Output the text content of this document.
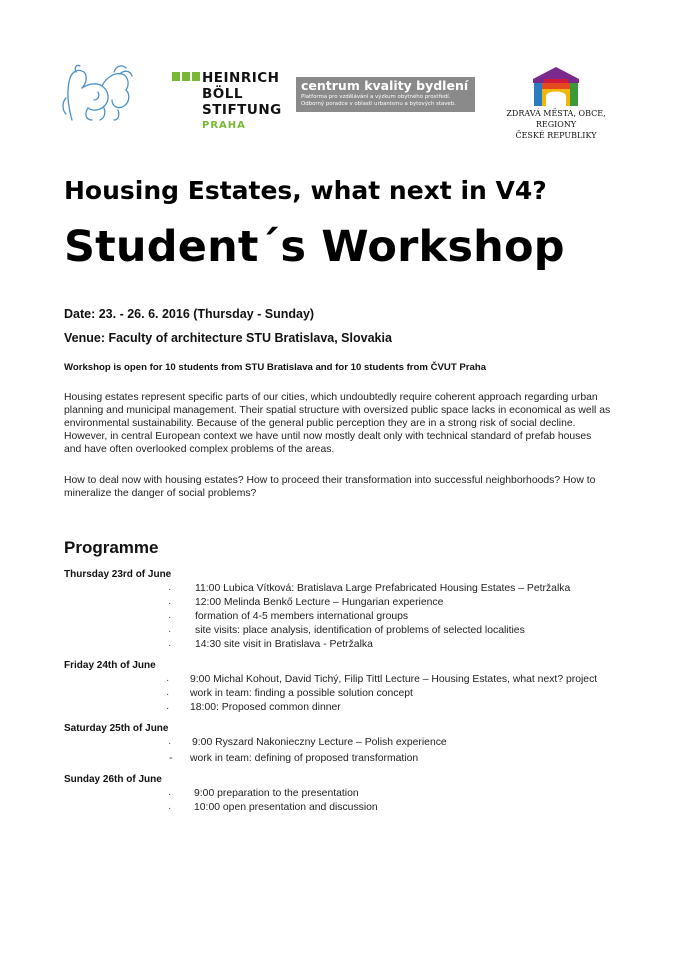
HEINRICH
BÖLL
STIFTUNG
PRAHA
centrum kvality bydlení
Platforma pro vzdělávání a výzkum obytného prostředí.
Odborný poradce v oblasti urbanismu a bytových staveb.
ZDRAVÁ MĚSTA, OBCE, REGIONY
ČESKÉ REPUBLIKY
Housing Estates, what next in V4?
Student´s Workshop
Date: 23. - 26. 6. 2016 (Thursday - Sunday)
Venue: Faculty of architecture STU Bratislava, Slovakia
Workshop is open for 10 students from STU Bratislava and for 10 students from ČVUT Praha
Housing estates represent specific parts of our cities, which undoubtedly require coherent approach regarding urban
planning and municipal management. Their spatial structure with oversized public space lacks in economical as well as
environmental sustainability. Because of the general public perception they are in a strong risk of social decline.
However, in central European context we have until now mostly dealt only with technical standard of prefab houses
and have often overlooked complex problems of the areas.
How to deal now with housing estates? How to proceed their transformation into successful neighborhoods? How to
mineralize the danger of social problems?
Programme
Thursday 23rd of June
· 11:00 Lubica Vítková: Bratislava Large Prefabricated Housing Estates – Petržalka
· 12:00 Melinda Benkő Lecture – Hungarian experience
· formation of 4-5 members international groups
· site visits: place analysis, identification of problems of selected localities
· 14:30 site visit in Bratislava - Petržalka
Friday 24th of June
· 9:00 Michal Kohout, David Tichý, Filip Tittl Lecture – Housing Estates, what next? project
· work in team: finding a possible solution concept
· 18:00: Proposed common dinner
Saturday 25th of June
· 9:00 Ryszard Nakonieczny Lecture – Polish experience
- work in team: defining of proposed transformation
Sunday 26th of June
· 9:00 preparation to the presentation
· 10:00 open presentation and discussion
